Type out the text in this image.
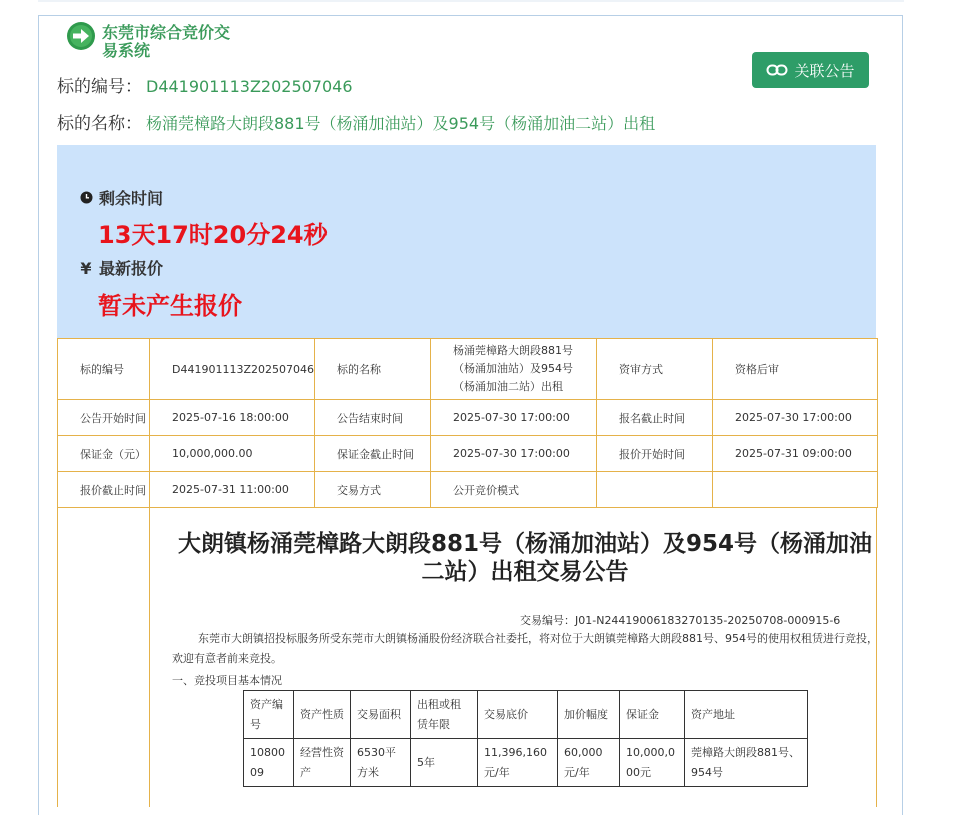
东莞市综合竞价交易系统
标的编号： D441901113Z202507046
标的名称： 杨涌莞樟路大朗段881号（杨涌加油站）及954号（杨涌加油二站）出租
关联公告
剩余时间
13天17时20分24秒
¥ 最新报价
暂未产生报价
标的编号	D441901113Z202507046	标的名称	杨涌莞樟路大朗段881号（杨涌加油站）及954号（杨涌加油二站）出租	资审方式	资格后审
公告开始时间	2025-07-16 18:00:00	公告结束时间	2025-07-30 17:00:00	报名截止时间	2025-07-30 17:00:00
保证金（元）	10,000,000.00	保证金截止时间	2025-07-30 17:00:00	报价开始时间	2025-07-31 09:00:00
报价截止时间	2025-07-31 11:00:00	交易方式	公开竞价模式		
大朗镇杨涌莞樟路大朗段881号（杨涌加油站）及954号（杨涌加油二站）出租交易公告
交易编号：J01-N24419006183270135-20250708-000915-6
东莞市大朗镇招投标服务所受东莞市大朗镇杨涌股份经济联合社委托，将对位于大朗镇莞樟路大朗段881号、954号的使用权租赁进行竞投，欢迎有意者前来竞投。
一、竞投项目基本情况
资产编号	资产性质	交易面积	出租或租赁年限	交易底价	加价幅度	保证金	资产地址
1080009	经营性资产	6530平方米	5年	11,396,160元/年	60,000元/年	10,000,000元	莞樟路大朗段881号、954号
